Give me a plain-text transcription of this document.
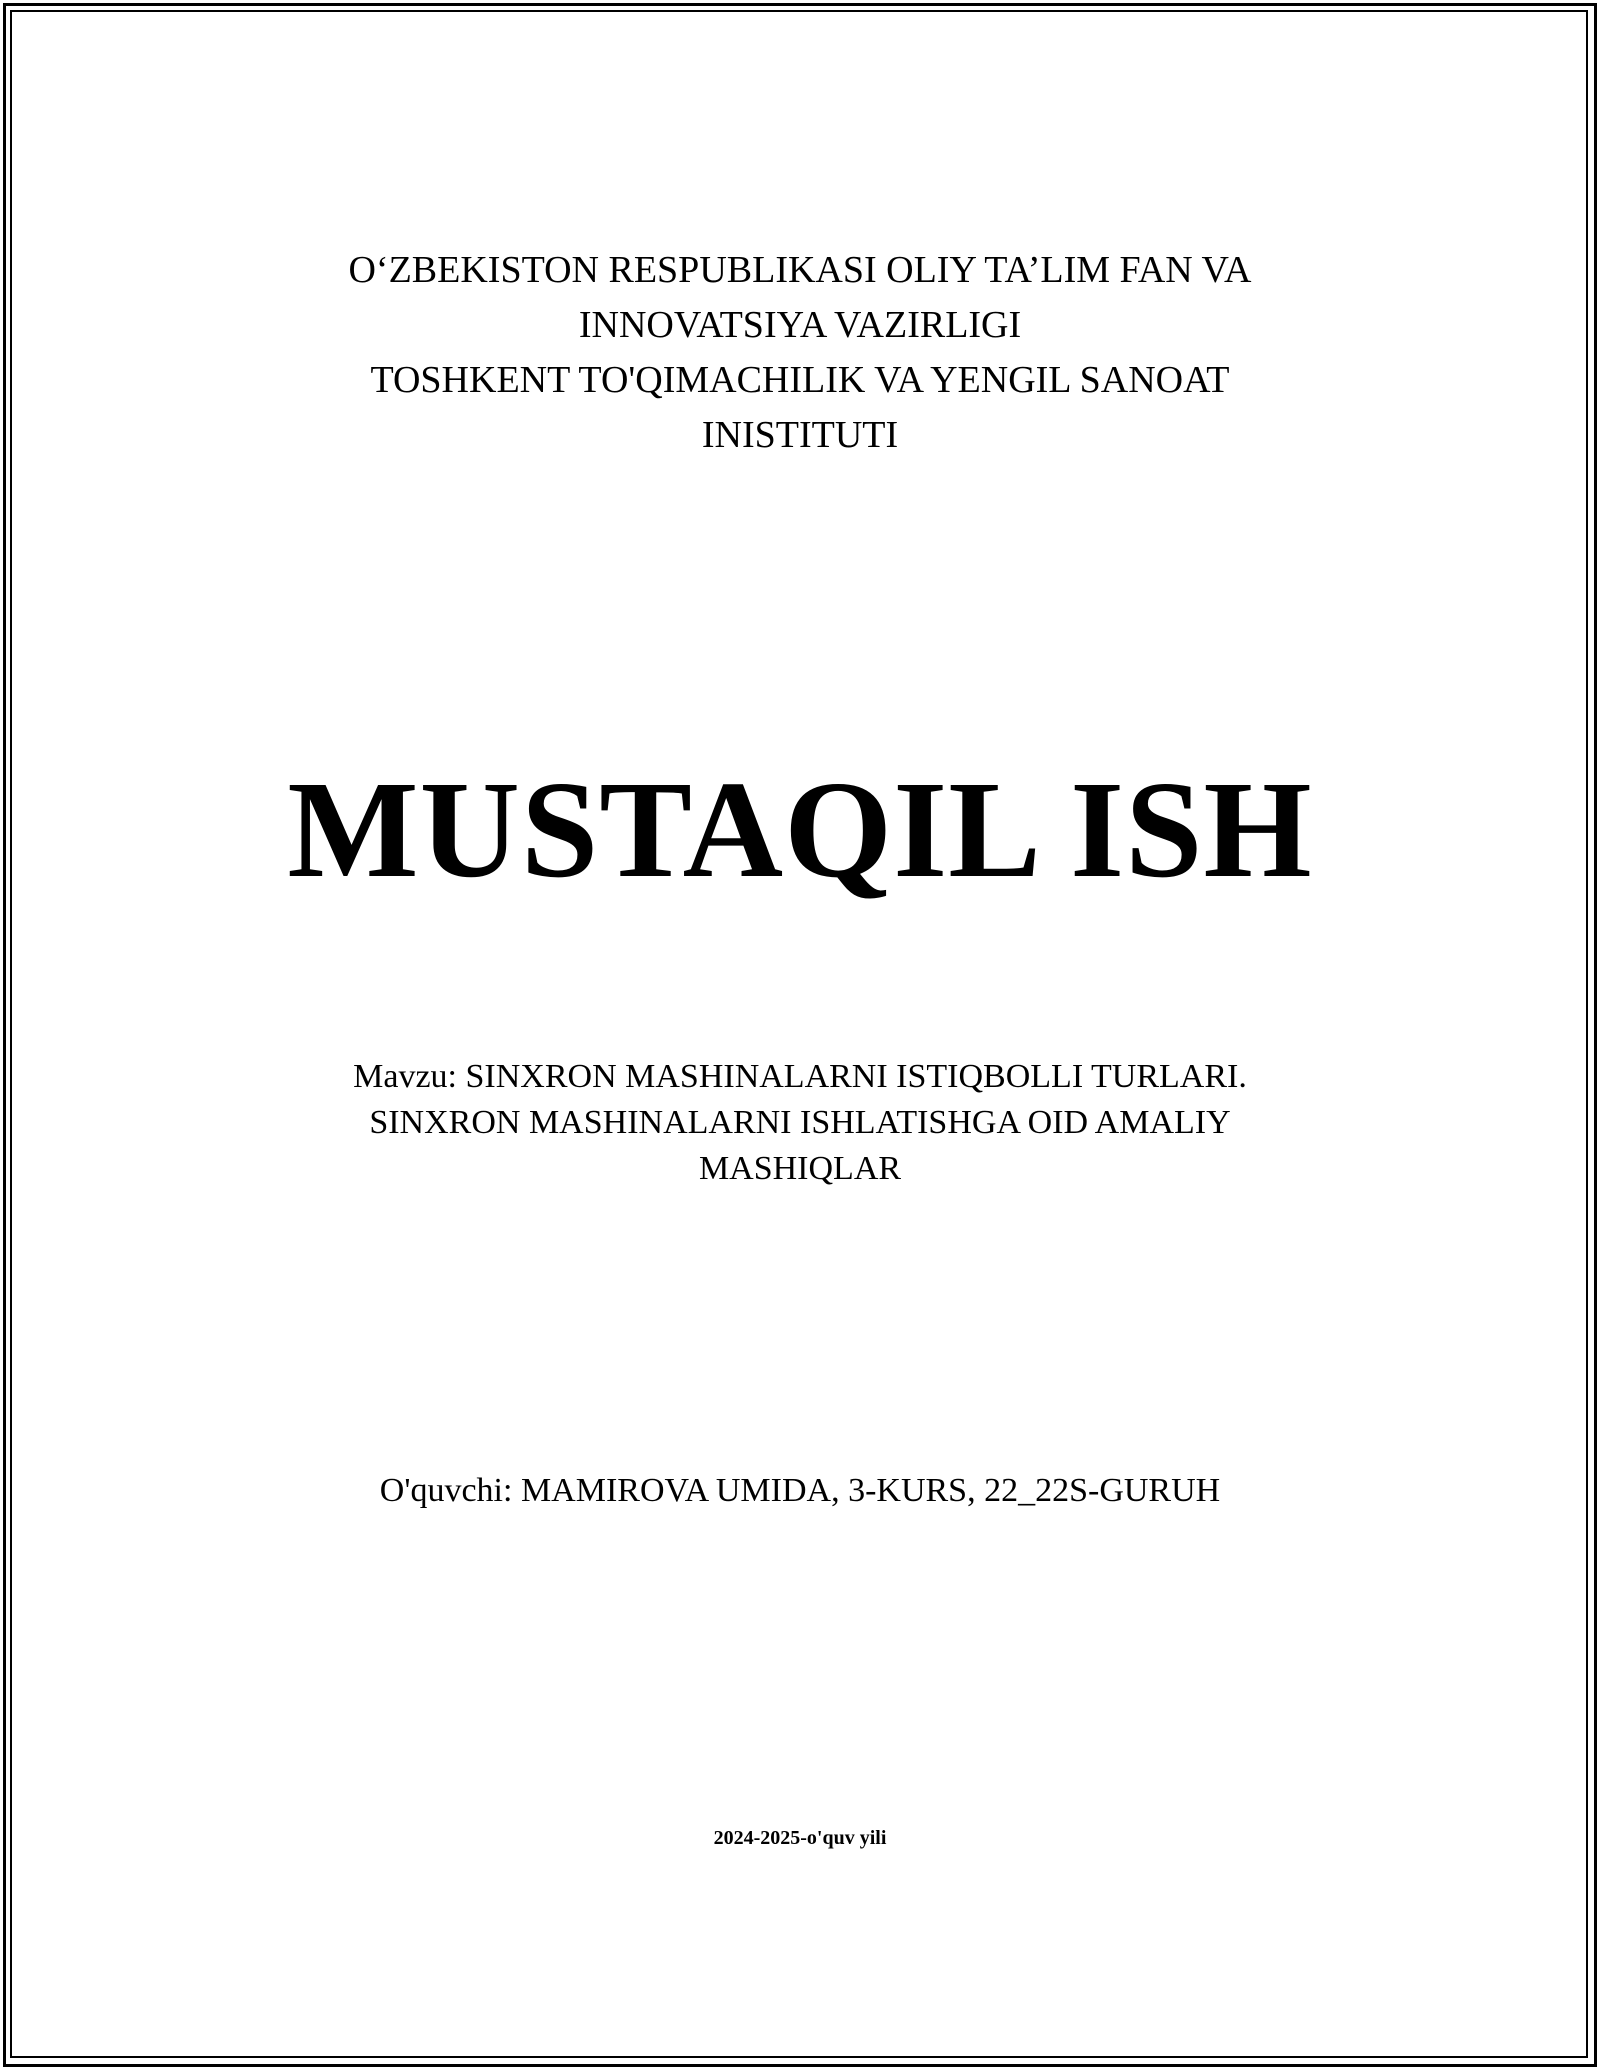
O‘ZBEKISTON RESPUBLIKASI OLIY TA’LIM FAN VA
INNOVATSIYA VAZIRLIGI
TOSHKENT TO'QIMACHILIK VA YENGIL SANOAT
INISTITUTI
MUSTAQIL ISH
Mavzu: SINXRON MASHINALARNI ISTIQBOLLI TURLARI.
SINXRON MASHINALARNI ISHLATISHGA OID AMALIY
MASHIQLAR
O'quvchi: MAMIROVA UMIDA, 3-KURS, 22_22S-GURUH
2024-2025-o'quv yili
